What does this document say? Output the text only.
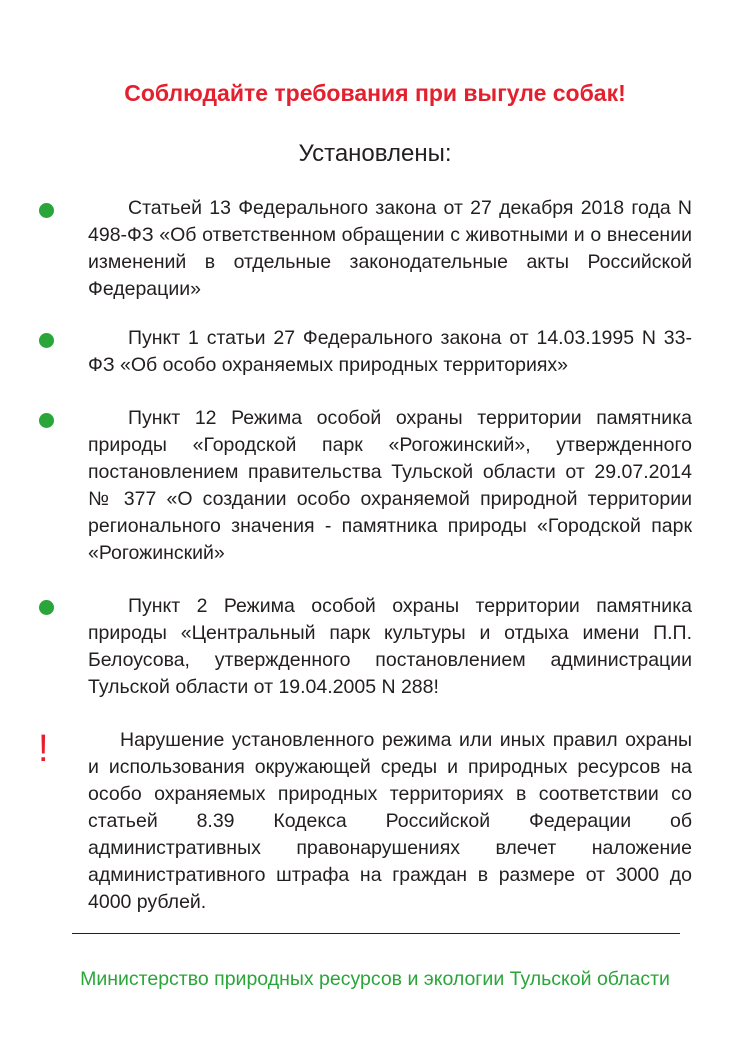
Соблюдайте требования при выгуле собак!
Установлены:

Статьей 13 Федерального закона от 27 декабря 2018 года N 498-ФЗ «Об ответственном обращении с животными и о внесении изменений в отдельные законодательные акты Российской Федерации»

Пункт 1 статьи 27 Федерального закона от 14.03.1995 N 33-ФЗ «Об особо охраняемых природных территориях»

Пункт 12 Режима особой охраны территории памятника природы «Городской парк «Рогожинский», утвержденного постановлением правительства Тульской области от 29.07.2014 № 377 «О создании особо охраняемой природной территории регионального значения - памятника природы «Городской парк «Рогожинский»

Пункт 2 Режима особой охраны территории памятника природы «Центральный парк культуры и отдыха имени П.П. Белоусова, утвержденного постановлением администрации Тульской области от 19.04.2005 N 288!

!	Нарушение установленного режима или иных правил охраны и использования окружающей среды и природных ресурсов на особо охраняемых природных территориях в соответствии со статьей 8.39 Кодекса Российской Федерации об административных правонарушениях влечет наложение административного штрафа на граждан в размере от 3000 до 4000 рублей.

Министерство природных ресурсов и экологии Тульской области
